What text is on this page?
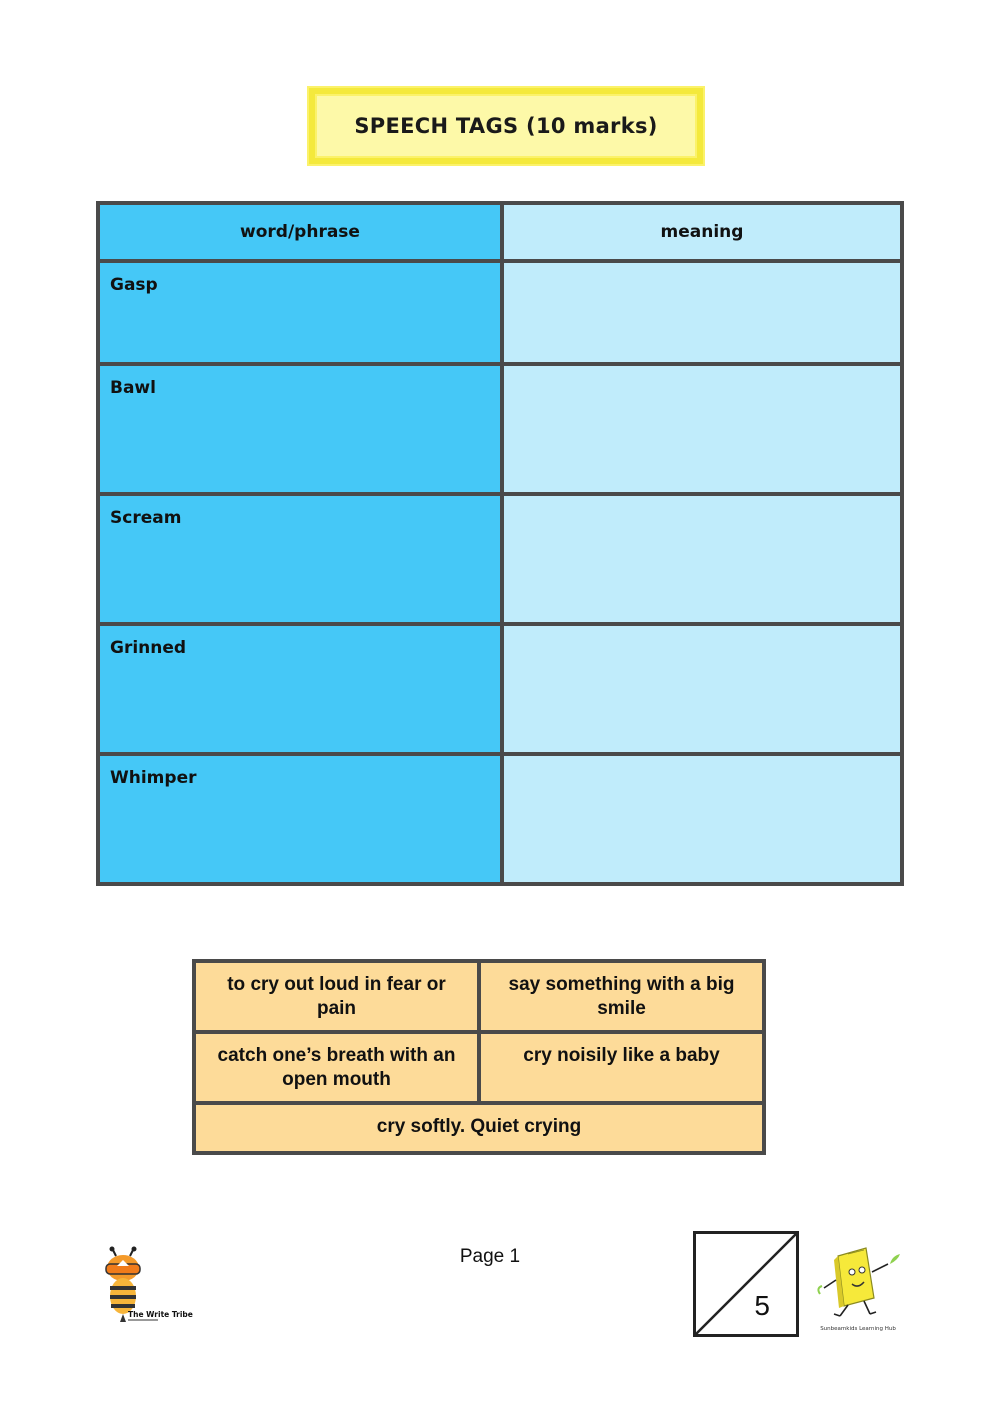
SPEECH TAGS (10 marks)
word/phrase	meaning
Gasp	
Bawl	
Scream	
Grinned	
Whimper	
to cry out loud in fear or pain	say something with a big smile
catch one’s breath with an open mouth	cry noisily like a baby
cry softly. Quiet crying	
The Write Tribe
Page 1
5
Sunbeamkids Learning Hub
